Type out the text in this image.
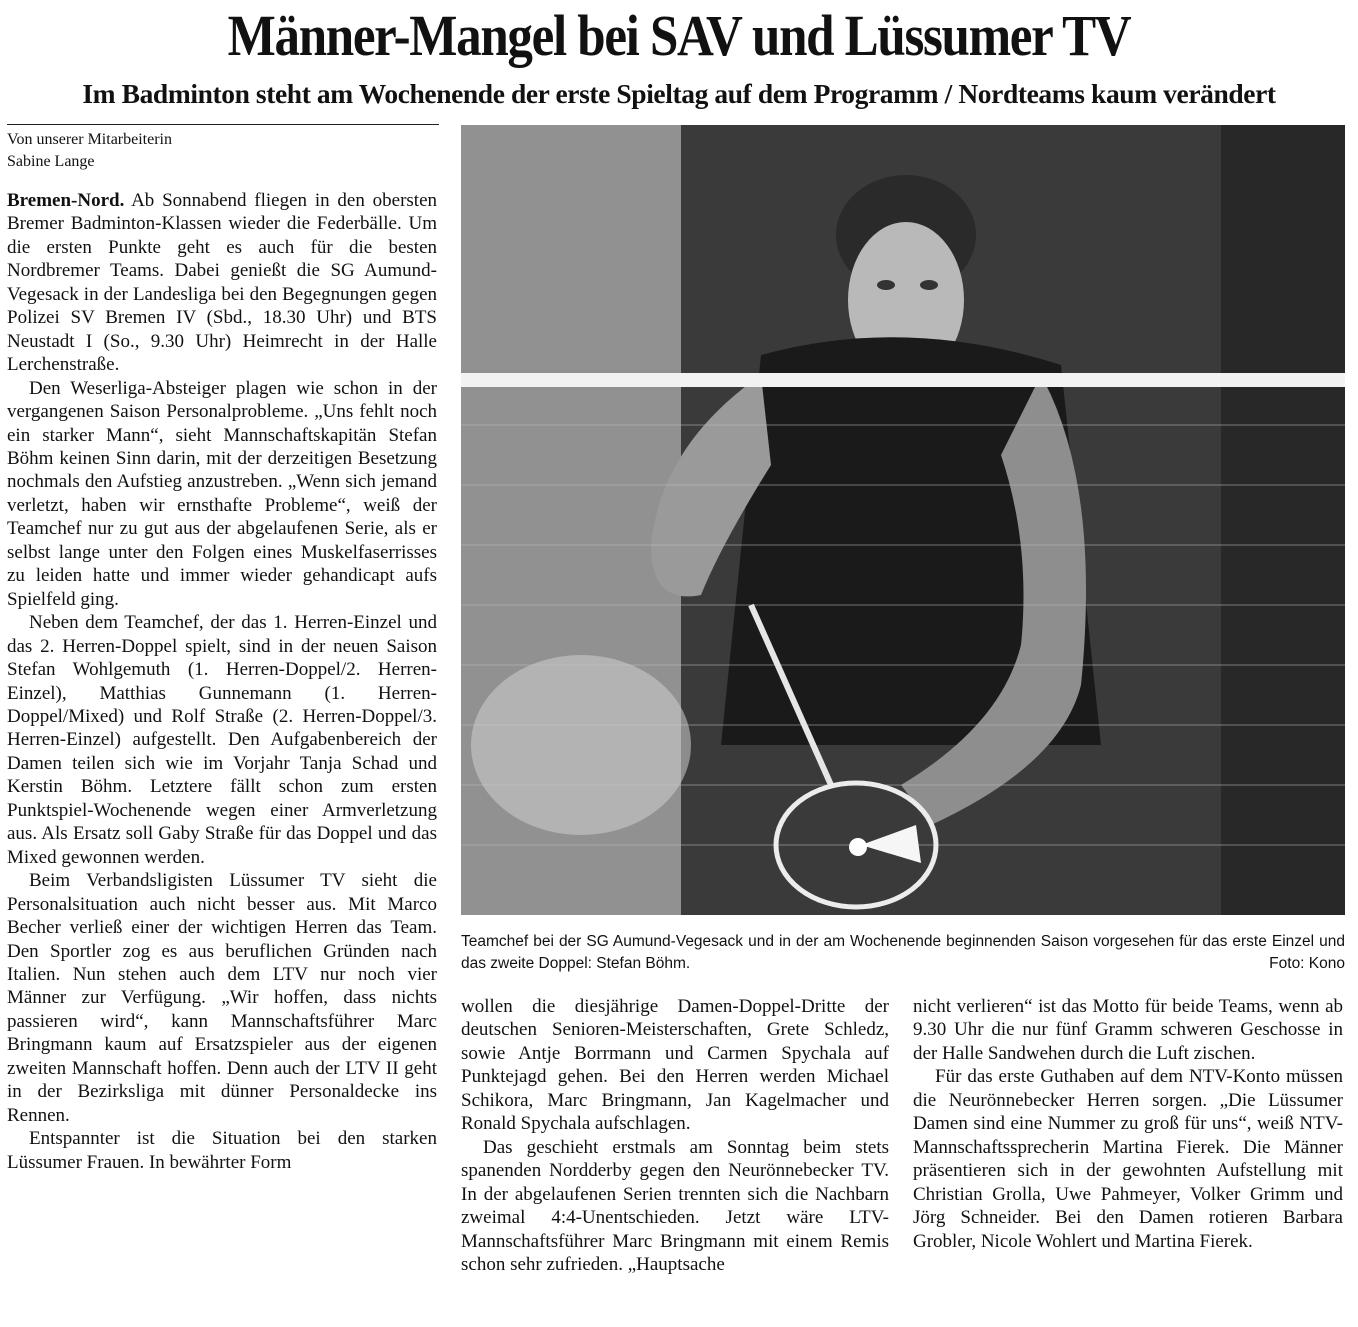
Männer-Mangel bei SAV und Lüssumer TV
Im Badminton steht am Wochenende der erste Spieltag auf dem Programm / Nordteams kaum verändert
Von unserer Mitarbeiterin
Sabine Lange

Bremen-Nord. Ab Sonnabend fliegen in den obersten Bremer Badminton-Klassen wieder die Federbälle. Um die ersten Punkte geht es auch für die besten Nordbremer Teams. Dabei genießt die SG Aumund-Vegesack in der Landesliga bei den Begegnungen gegen Polizei SV Bremen IV (Sbd., 18.30 Uhr) und BTS Neustadt I (So., 9.30 Uhr) Heimrecht in der Halle Lerchenstraße.

Den Weserliga-Absteiger plagen wie schon in der vergangenen Saison Personalprobleme. „Uns fehlt noch ein starker Mann“, sieht Mannschaftskapitän Stefan Böhm keinen Sinn darin, mit der derzeitigen Besetzung nochmals den Aufstieg anzustreben. „Wenn sich jemand verletzt, haben wir ernsthafte Probleme“, weiß der Teamchef nur zu gut aus der abgelaufenen Serie, als er selbst lange unter den Folgen eines Muskelfaserrisses zu leiden hatte und immer wieder gehandicapt aufs Spielfeld ging.

Neben dem Teamchef, der das 1. Herren-Einzel und das 2. Herren-Doppel spielt, sind in der neuen Saison Stefan Wohlgemuth (1. Herren-Doppel/2. Herren-Einzel), Matthias Gunnemann (1. Herren-Doppel/Mixed) und Rolf Straße (2. Herren-Doppel/3. Herren-Einzel) aufgestellt. Den Aufgabenbereich der Damen teilen sich wie im Vorjahr Tanja Schad und Kerstin Böhm. Letztere fällt schon zum ersten Punktspiel-Wochenende wegen einer Armverletzung aus. Als Ersatz soll Gaby Straße für das Doppel und das Mixed gewonnen werden.

Beim Verbandsligisten Lüssumer TV sieht die Personalsituation auch nicht besser aus. Mit Marco Becher verließ einer der wichtigen Herren das Team. Den Sportler zog es aus beruflichen Gründen nach Italien. Nun stehen auch dem LTV nur noch vier Männer zur Verfügung. „Wir hoffen, dass nichts passieren wird“, kann Mannschaftsführer Marc Bringmann kaum auf Ersatzspieler aus der eigenen zweiten Mannschaft hoffen. Denn auch der LTV II geht in der Bezirksliga mit dünner Personaldecke ins Rennen.

Entspannter ist die Situation bei den starken Lüssumer Frauen. In bewährter Form

Teamchef bei der SG Aumund-Vegesack und in der am Wochenende beginnenden Saison vorgesehen für das erste Einzel und das zweite Doppel: Stefan Böhm.	Foto: Kono

wollen die diesjährige Damen-Doppel-Dritte der deutschen Senioren-Meisterschaften, Grete Schledz, sowie Antje Borrmann und Carmen Spychala auf Punktejagd gehen. Bei den Herren werden Michael Schikora, Marc Bringmann, Jan Kagelmacher und Ronald Spychala aufschlagen.

Das geschieht erstmals am Sonntag beim stets spanenden Nordderby gegen den Neurönnebecker TV. In der abgelaufenen Serien trennten sich die Nachbarn zweimal 4:4-Unentschieden. Jetzt wäre LTV-Mannschaftsführer Marc Bringmann mit einem Remis schon sehr zufrieden. „Hauptsache

nicht verlieren“ ist das Motto für beide Teams, wenn ab 9.30 Uhr die nur fünf Gramm schweren Geschosse in der Halle Sandwehen durch die Luft zischen.

Für das erste Guthaben auf dem NTV-Konto müssen die Neurönnebecker Herren sorgen. „Die Lüssumer Damen sind eine Nummer zu groß für uns“, weiß NTV-Mannschaftssprecherin Martina Fierek. Die Männer präsentieren sich in der gewohnten Aufstellung mit Christian Grolla, Uwe Pahmeyer, Volker Grimm und Jörg Schneider. Bei den Damen rotieren Barbara Grobler, Nicole Wohlert und Martina Fierek.
